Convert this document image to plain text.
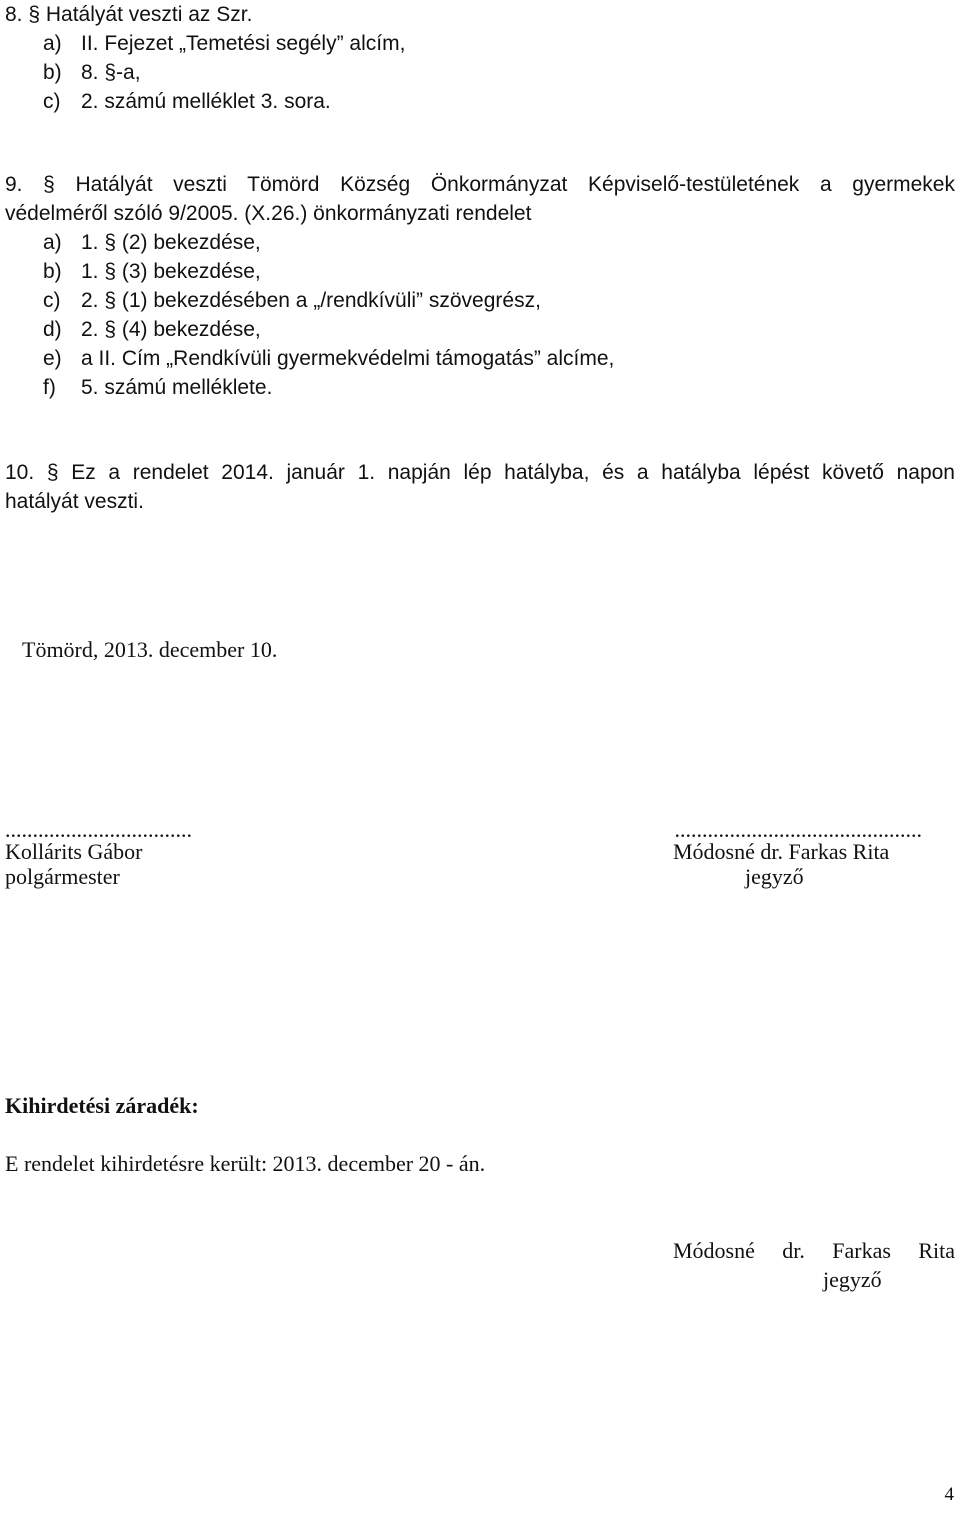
8. § Hatályát veszti az Szr.
a) II. Fejezet „Temetési segély” alcím,
b) 8. §-a,
c) 2. számú melléklet 3. sora.
9. § Hatályát veszti Tömörd Község Önkormányzat Képviselő-testületének a gyermekek
védelméről szóló 9/2005. (X.26.) önkormányzati rendelet
a) 1. § (2) bekezdése,
b) 1. § (3) bekezdése,
c) 2. § (1) bekezdésében a „/rendkívüli” szövegrész,
d) 2. § (4) bekezdése,
e) a II. Cím „Rendkívüli gyermekvédelmi támogatás” alcíme,
f) 5. számú melléklete.
10. § Ez a rendelet 2014. január 1. napján lép hatályba, és a hatályba lépést követő napon
hatályát veszti.
Tömörd, 2013. december 10.
..................................
Kollárits Gábor
polgármester
.............................................
Módosné dr. Farkas Rita
jegyző
Kihirdetési záradék:
E rendelet kihirdetésre került: 2013. december 20 - án.
Módosné dr. Farkas Rita
jegyző
4
